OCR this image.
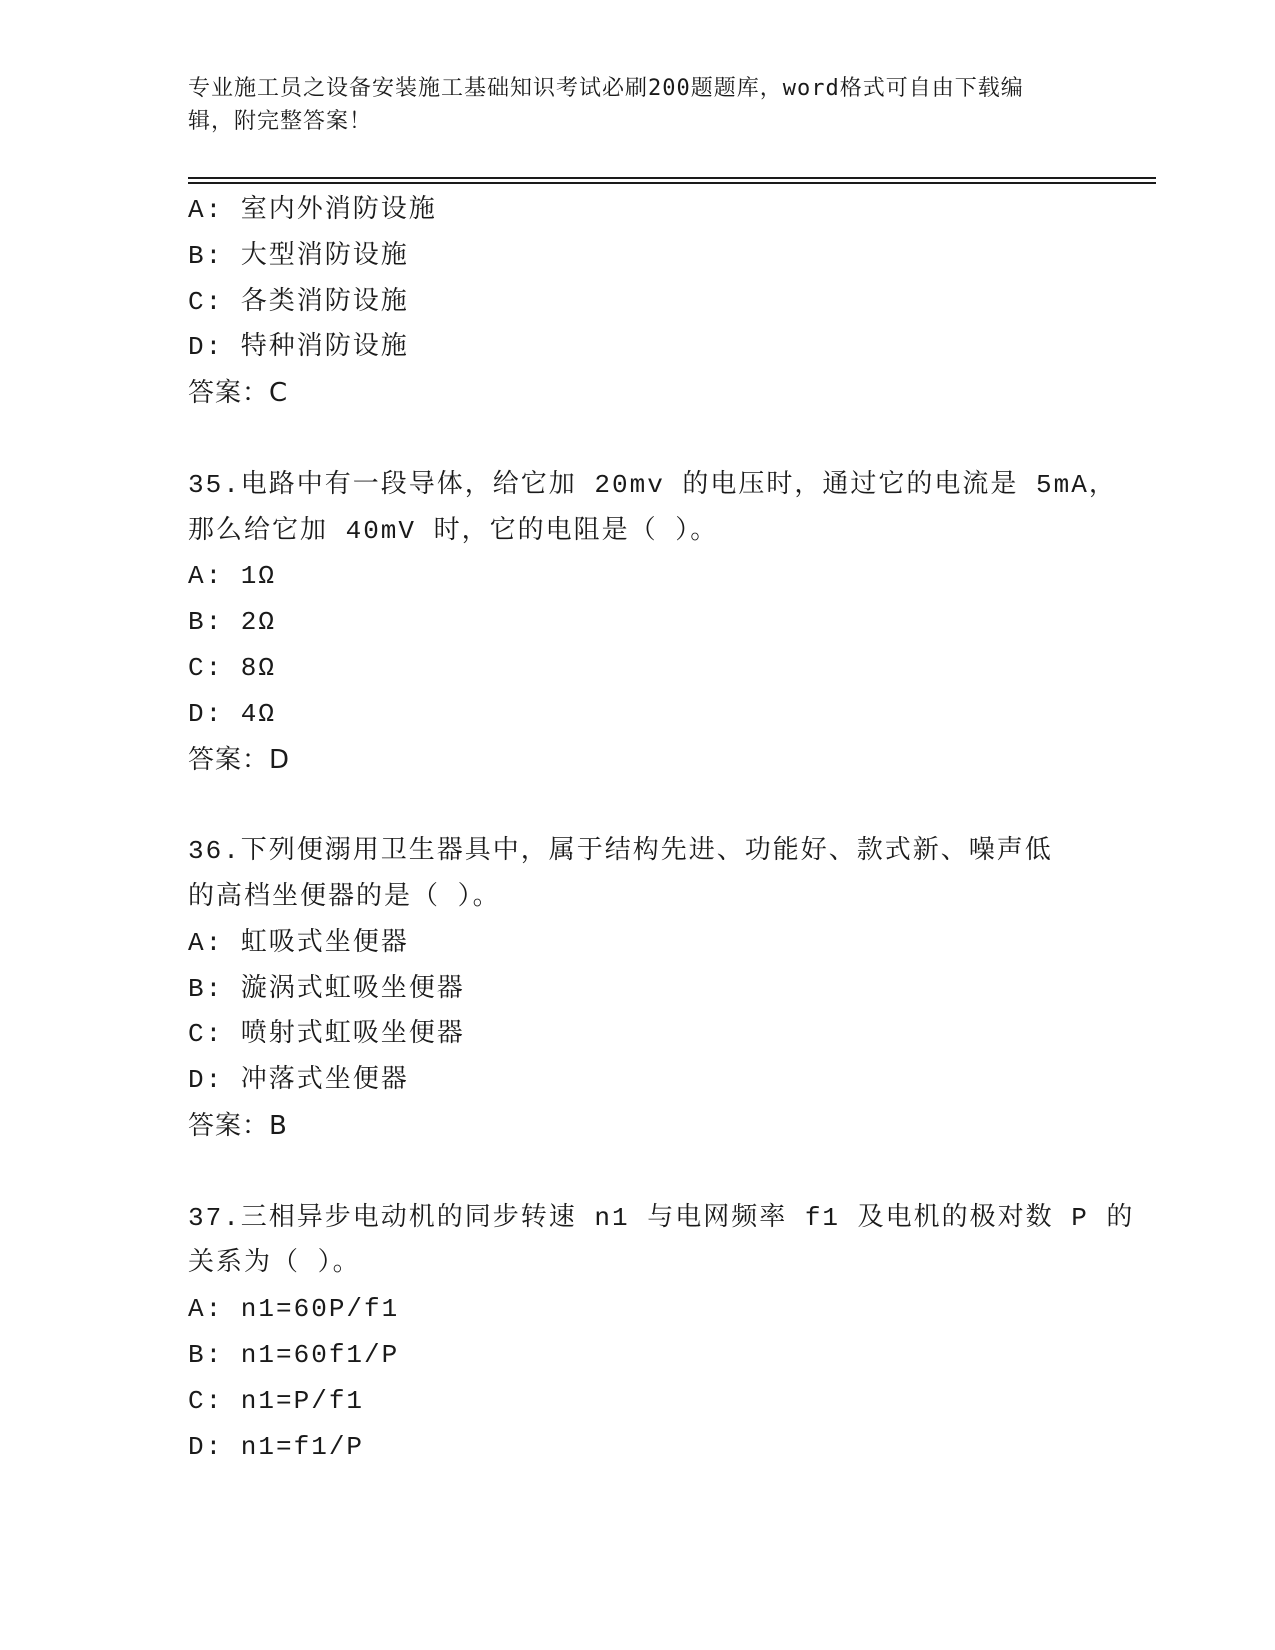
专业施工员之设备安装施工基础知识考试必刷200题题库，word格式可自由下载编辑，附完整答案！
A: 室内外消防设施
B: 大型消防设施
C: 各类消防设施
D: 特种消防设施
答案：C
35.电路中有一段导体，给它加 20mv 的电压时，通过它的电流是 5mA，
那么给它加 40mV 时，它的电阻是（ ）。
A: 1Ω
B: 2Ω
C: 8Ω
D: 4Ω
答案：D
36.下列便溺用卫生器具中，属于结构先进、功能好、款式新、噪声低
的高档坐便器的是（ ）。
A: 虹吸式坐便器
B: 漩涡式虹吸坐便器
C: 喷射式虹吸坐便器
D: 冲落式坐便器
答案：B
37.三相异步电动机的同步转速 n1 与电网频率 f1 及电机的极对数 P 的
关系为（ ）。
A: n1=60P/f1
B: n1=60f1/P
C: n1=P/f1
D: n1=f1/P
